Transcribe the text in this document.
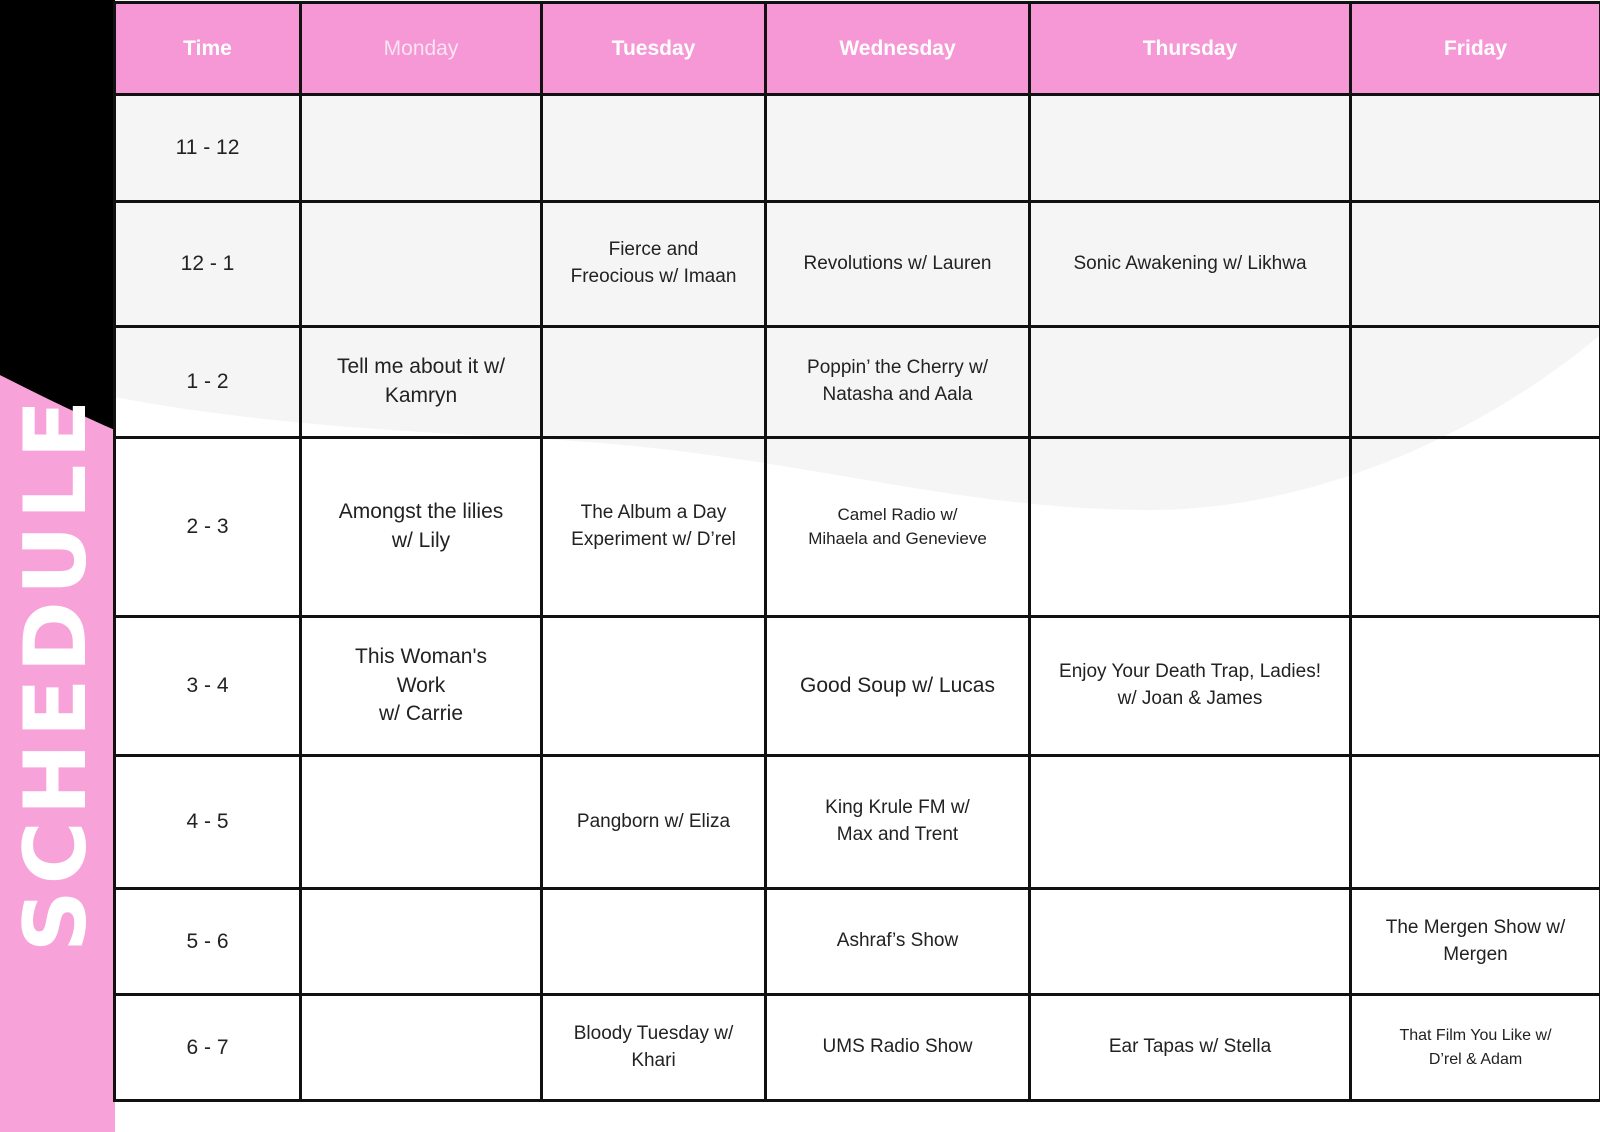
SCHEDULE
Time	Monday	Tuesday	Wednesday	Thursday	Friday
11 - 12	

12 - 1		Fierce and
Freocious w/ Imaan	Revolutions w/ Lauren	Sonic Awakening w/ Likhwa	

1 - 2	Tell me about it w/
Kamryn		Poppin’ the Cherry w/
Natasha and Aala		

2 - 3	Amongst the lilies
w/ Lily	The Album a Day
Experiment w/ D’rel	Camel Radio w/
Mihaela and Genevieve		

3 - 4	This Woman's
Work
w/ Carrie		Good Soup w/ Lucas	Enjoy Your Death Trap, Ladies!
w/ Joan & James	

4 - 5		Pangborn w/ Eliza	King Krule FM w/
Max and Trent		

5 - 6			Ashraf’s Show		The Mergen Show w/
Mergen

6 - 7		Bloody Tuesday w/
Khari	UMS Radio Show	Ear Tapas w/ Stella	That Film You Like w/
D’rel & Adam
